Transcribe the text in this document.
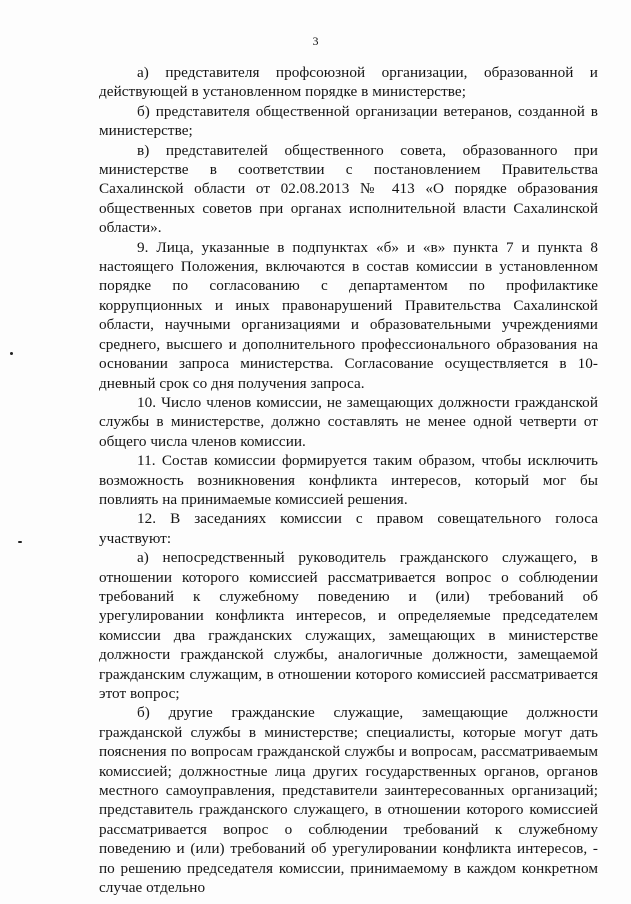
3

а) представителя профсоюзной организации, образованной и действующей в установленном порядке в министерстве;

б) представителя общественной организации ветеранов, созданной в министерстве;

в) представителей общественного совета, образованного при министерстве в соответствии с постановлением Правительства Сахалинской области от 02.08.2013 № 413 «О порядке образования общественных советов при органах исполнительной власти Сахалинской области».

9. Лица, указанные в подпунктах «б» и «в» пункта 7 и пункта 8 настоящего Положения, включаются в состав комиссии в установленном порядке по согласованию с департаментом по профилактике коррупционных и иных правонарушений Правительства Сахалинской области, научными организациями и образовательными учреждениями среднего, высшего и дополнительного профессионального образования на основании запроса министерства. Согласование осуществляется в 10-дневный срок со дня получения запроса.

10. Число членов комиссии, не замещающих должности гражданской службы в министерстве, должно составлять не менее одной четверти от общего числа членов комиссии.

11. Состав комиссии формируется таким образом, чтобы исключить возможность возникновения конфликта интересов, который мог бы повлиять на принимаемые комиссией решения.

12. В заседаниях комиссии с правом совещательного голоса участвуют:

а) непосредственный руководитель гражданского служащего, в отношении которого комиссией рассматривается вопрос о соблюдении требований к служебному поведению и (или) требований об урегулировании конфликта интересов, и определяемые председателем комиссии два гражданских служащих, замещающих в министерстве должности гражданской службы, аналогичные должности, замещаемой гражданским служащим, в отношении которого комиссией рассматривается этот вопрос;

б) другие гражданские служащие, замещающие должности гражданской службы в министерстве; специалисты, которые могут дать пояснения по вопросам гражданской службы и вопросам, рассматриваемым комиссией; должностные лица других государственных органов, органов местного самоуправления, представители заинтересованных организаций; представитель гражданского служащего, в отношении которого комиссией рассматривается вопрос о соблюдении требований к служебному поведению и (или) требований об урегулировании конфликта интересов, - по решению председателя комиссии, принимаемому в каждом конкретном случае отдельно
